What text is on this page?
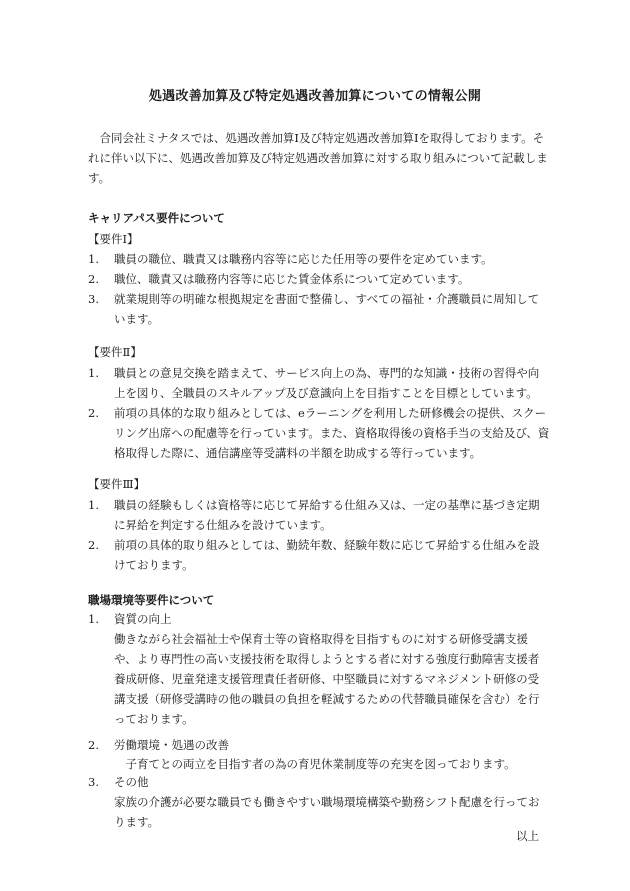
処遇改善加算及び特定処遇改善加算についての情報公開

合同会社ミナタスでは、処遇改善加算Ⅰ及び特定処遇改善加算Ⅰを取得しております。それに伴い以下に、処遇改善加算及び特定処遇改善加算に対する取り組みについて記載します。

キャリアパス要件について
【要件Ⅰ】
1.	職員の職位、職責又は職務内容等に応じた任用等の要件を定めています。
2.	職位、職責又は職務内容等に応じた賃金体系について定めています。
3.	就業規則等の明確な根拠規定を書面で整備し、すべての福祉・介護職員に周知しています。
【要件Ⅱ】
1.	職員との意見交換を踏まえて、サービス向上の為、専門的な知識・技術の習得や向上を図り、全職員のスキルアップ及び意識向上を目指すことを目標としています。
2.	前項の具体的な取り組みとしては、eラーニングを利用した研修機会の提供、スクーリング出席への配慮等を行っています。また、資格取得後の資格手当の支給及び、資格取得した際に、通信講座等受講料の半額を助成する等行っています。
【要件Ⅲ】
1.	職員の経験もしくは資格等に応じて昇給する仕組み又は、一定の基準に基づき定期に昇給を判定する仕組みを設けています。
2.	前項の具体的取り組みとしては、勤続年数、経験年数に応じて昇給する仕組みを設けております。
職場環境等要件について
1.	資質の向上
働きながら社会福祉士や保育士等の資格取得を目指すものに対する研修受講支援や、より専門性の高い支援技術を取得しようとする者に対する強度行動障害支援者養成研修、児童発達支援管理責任者研修、中堅職員に対するマネジメント研修の受講支援（研修受講時の他の職員の負担を軽減するための代替職員確保を含む）を行っております。
2.	労働環境・処遇の改善
子育てとの両立を目指す者の為の育児休業制度等の充実を図っております。
3.	その他
家族の介護が必要な職員でも働きやすい職場環境構築や勤務シフト配慮を行っております。
以上
